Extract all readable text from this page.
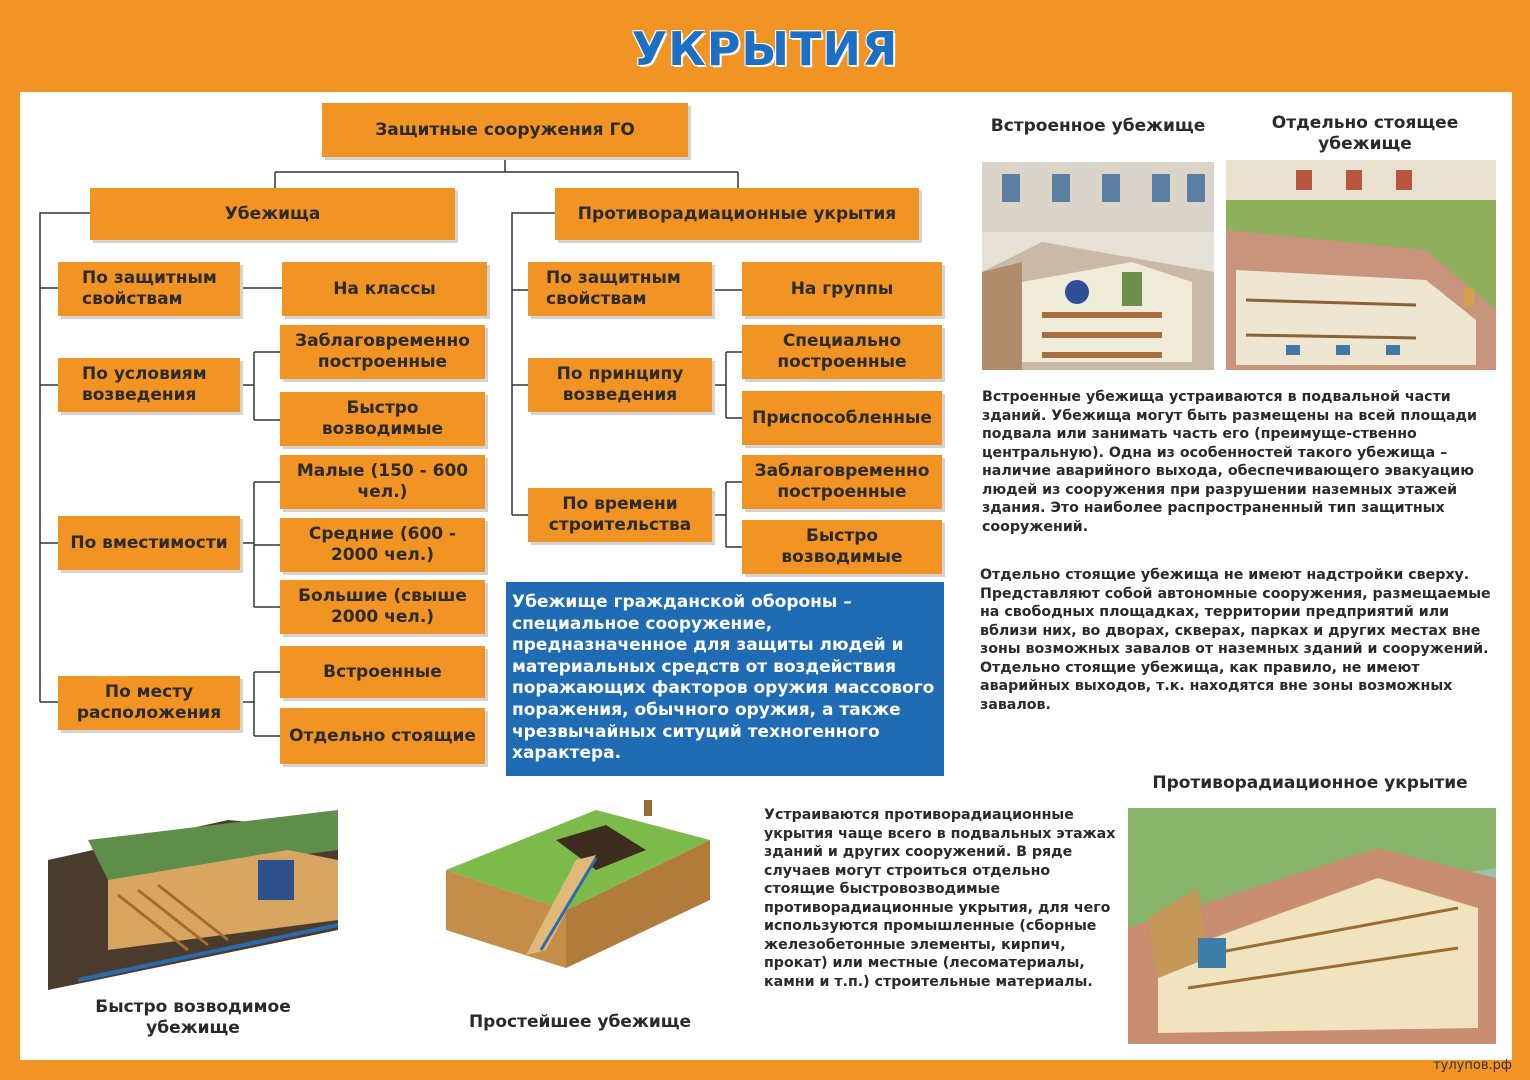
УКРЫТИЯ
Защитные сооружения ГО
Убежища
По защитным свойствам
На классы
По условиям возведения
Заблаговременно построенные
Быстро возводимые
По вместимости
Малые (150 - 600 чел.)
Средние (600 - 2000 чел.)
Большие (свыше 2000 чел.)
По месту расположения
Встроенные
Отдельно стоящие
Противорадиационные укрытия
По защитным свойствам
На группы
По принципу возведения
Специально построенные
Приспособленные
По времени строительства
Заблаговременно построенные
Быстро возводимые
Убежище гражданской обороны – специальное сооружение, предназначенное для защиты людей и материальных средств от воздействия поражающих факторов оружия массового поражения, обычного оружия, а также чрезвычайных ситуций техногенного характера.
Встроенное убежище	Отдельно стоящее убежище
Встроенные убежища устраиваются в подвальной части зданий. Убежища могут быть размещены на всей площади подвала или занимать часть его (преимуще-ственно центральную). Одна из особенностей такого убежища – наличие аварийного выхода, обеспечивающего эвакуацию людей из сооружения при разрушении наземных этажей здания. Это наиболее распространенный тип защитных сооружений.
Отдельно стоящие убежища не имеют надстройки сверху. Представляют собой автономные сооружения, размещаемые на свободных площадках, территории предприятий или вблизи них, во дворах, скверах, парках и других местах вне зоны возможных завалов от наземных зданий и сооружений. Отдельно стоящие убежища, как правило, не имеют аварийных выходов, т.к. находятся вне зоны возможных завалов.
Противорадиационное укрытие
Устраиваются противорадиационные укрытия чаще всего в подвальных этажах зданий и других сооружений. В ряде случаев могут строиться отдельно стоящие быстровозводимые противорадиационные укрытия, для чего используются промышленные (сборные железобетонные элементы, кирпич, прокат) или местные (лесоматериалы, камни и т.п.) строительные материалы.
Быстро возводимое убежище	Простейшее убежище
тулупов.рф
